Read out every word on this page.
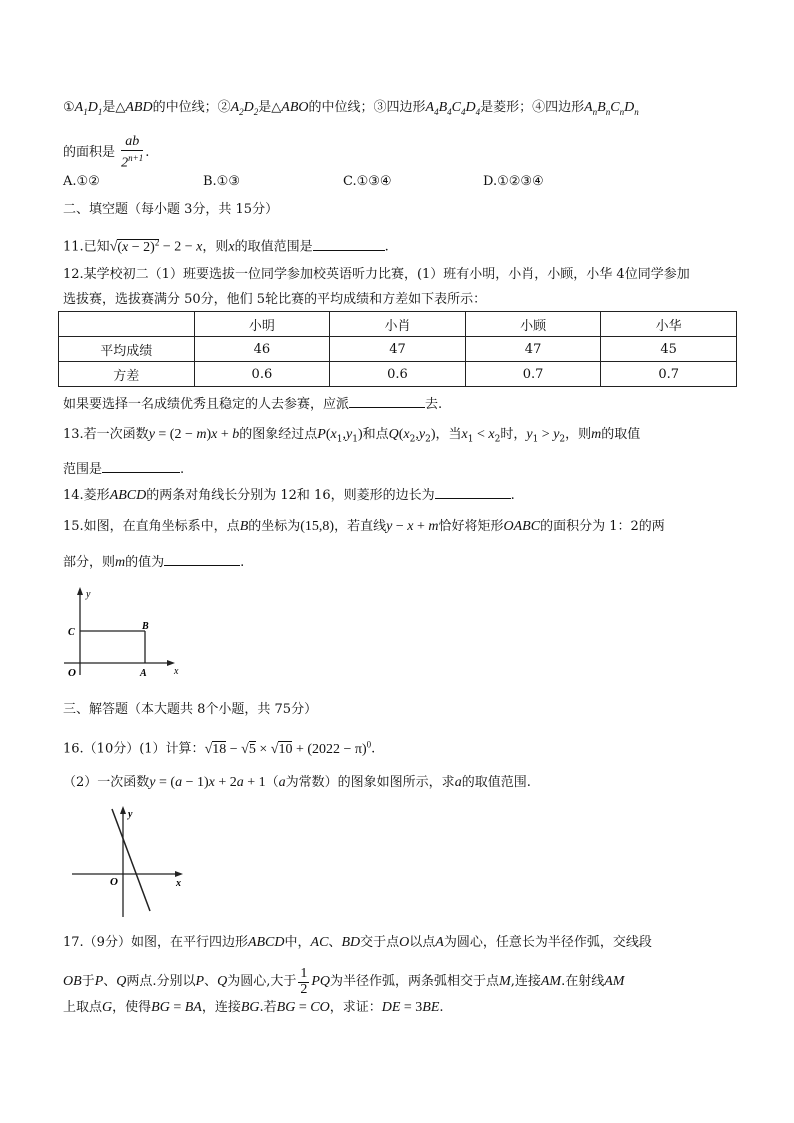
$①A_1D_1$是△ABD的中位线；$②A_2D_2$是△ABO的中位线；③四边形$A_4B_4C_4D_4$是菱形；④四边形$A_nB_nC_nD_n$
的面积是 $\frac{ab}{2^{n+1}}$ .
A.①②	B.①③	C.①③④	D.①②③④
二、填空题（每小题 3分，共 15分）
11.已知$√(x - 2)^2 - 2 - x$，则x的取值范围是	.
12.某学校初二（1）班要选拔一位同学参加校英语听力比赛，(1）班有小明，小肖，小顾，小华 4位同学参加
选拔赛，选拔赛满分 50分，他们 5轮比赛的平均成绩和方差如下表所示：
	小明	小肖	小顾	小华
平均成绩	46	47	47	45
方差	0.6	0.6	0.7	0.7
如果要选择一名成绩优秀且稳定的人去参赛，应派	去.
13.若一次函数y = (2 − m)x + b的图象经过点$P(x_1,y_1)$和点$Q(x_2,y_2)$，当$x_1 < x_2$时，$y_1 > y_2$，则m的取值
范围是	.
14.菱形ABCD的两条对角线长分别为 12和 16，则菱形的边长为	.
15.如图，在直角坐标系中，点B的坐标为(15,8)，若直线y − x + m恰好将矩形OABC的面积分为 1：2的两
部分，则m的值为	.
y
x
O	A
B
C
三、解答题（本大题共 8个小题，共 75分）
16.（10分）(1）计算：$√18 - √5 \times √10 + (2022 - \pi)^0$.
（2）一次函数y = (a − 1)x + 2a + 1（a为常数）的图象如图所示，求a的取值范围.
y
x
O
17.（9分）如图，在平行四边形ABCD中，AC、BD交于点O以点A为圆心，任意长为半径作弧，交线段
OB于P、Q两点.分别以P、Q为圆心,大于 $\frac{1}{2}$ PQ为半径作弧，两条弧相交于点M,连接AM.在射线AM
上取点G，使得BG = BA，连接BG.若BG = CO，求证：DE = 3BE.
